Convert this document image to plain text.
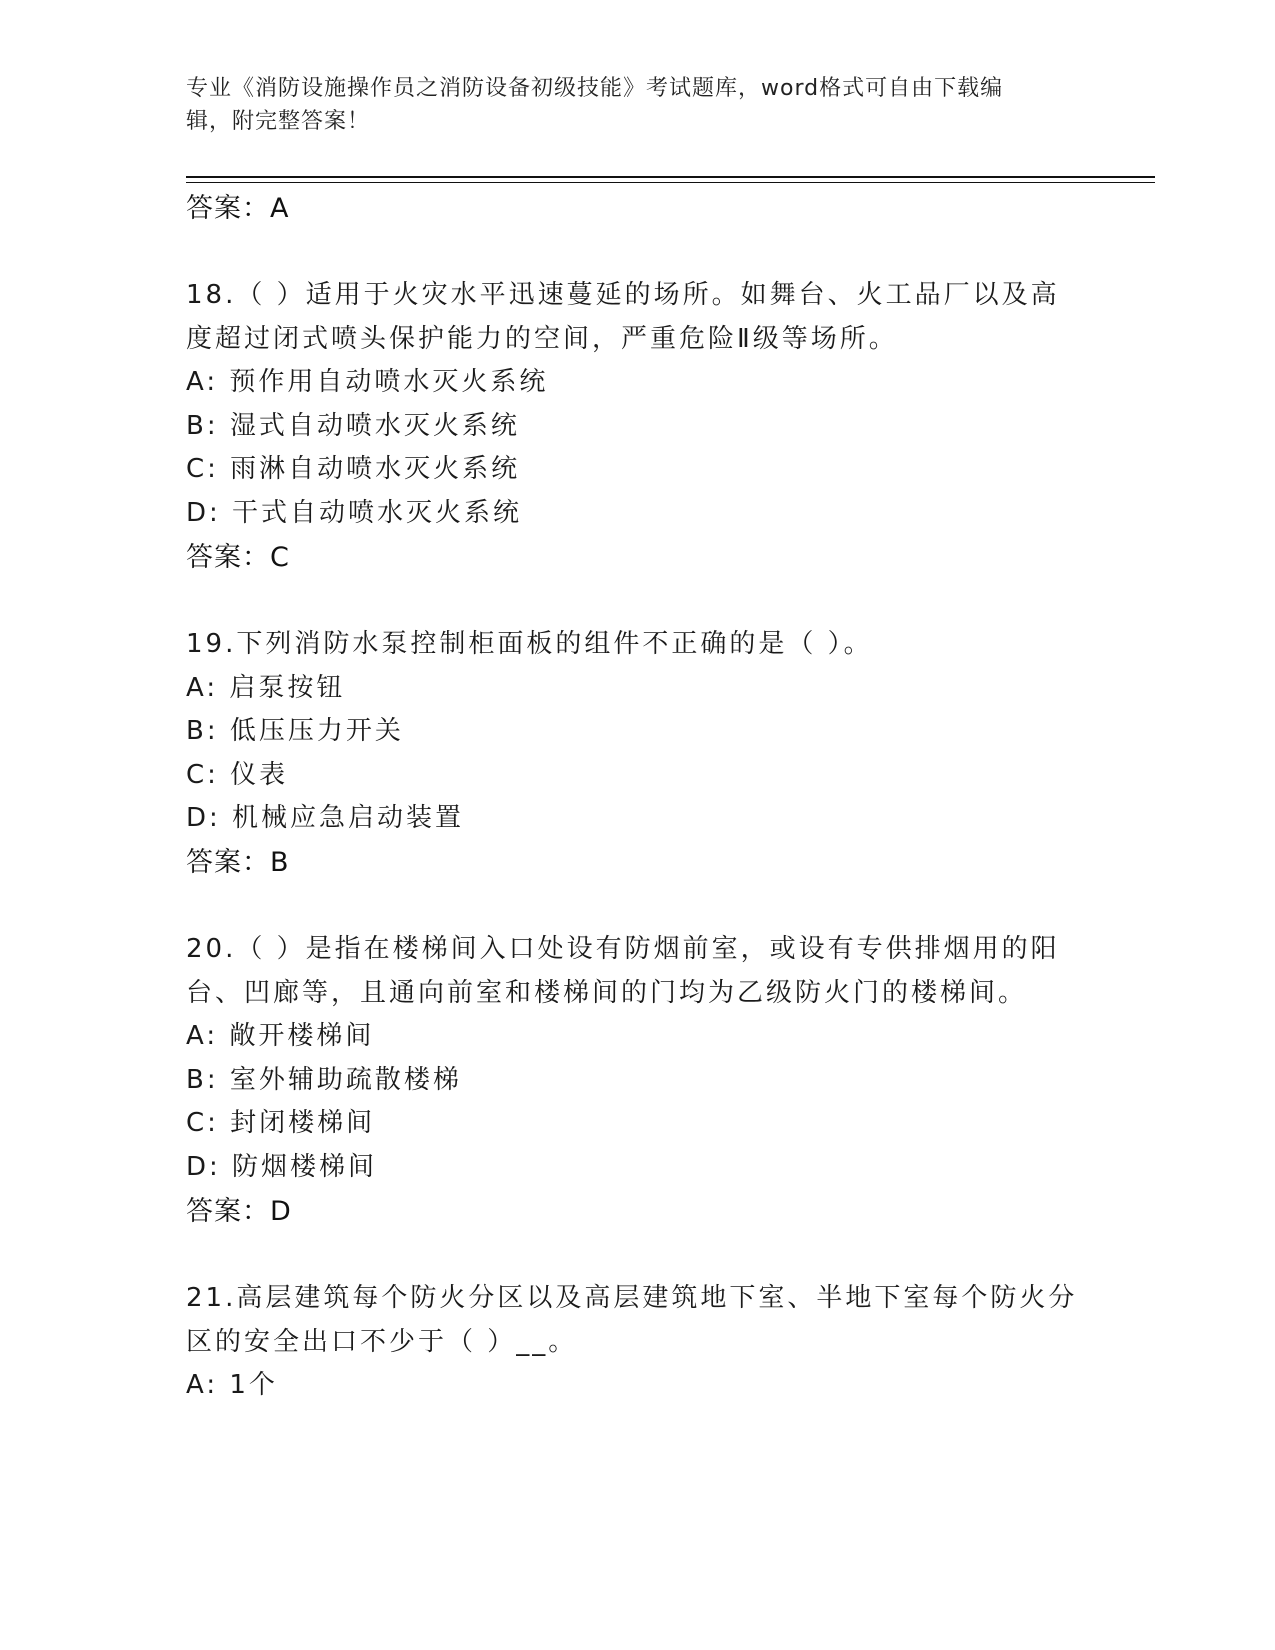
专业《消防设施操作员之消防设备初级技能》考试题库，word格式可自由下载编
辑，附完整答案！
答案：A
18.（ ）适用于火灾水平迅速蔓延的场所。如舞台、火工品厂以及高
度超过闭式喷头保护能力的空间，严重危险Ⅱ级等场所。
A: 预作用自动喷水灭火系统
B: 湿式自动喷水灭火系统
C: 雨淋自动喷水灭火系统
D: 干式自动喷水灭火系统
答案：C
19.下列消防水泵控制柜面板的组件不正确的是（ ）。
A: 启泵按钮
B: 低压压力开关
C: 仪表
D: 机械应急启动装置
答案：B
20.（ ）是指在楼梯间入口处设有防烟前室，或设有专供排烟用的阳
台、凹廊等，且通向前室和楼梯间的门均为乙级防火门的楼梯间。
A: 敞开楼梯间
B: 室外辅助疏散楼梯
C: 封闭楼梯间
D: 防烟楼梯间
答案：D
21.高层建筑每个防火分区以及高层建筑地下室、半地下室每个防火分
区的安全出口不少于（ ）__。
A: 1个
